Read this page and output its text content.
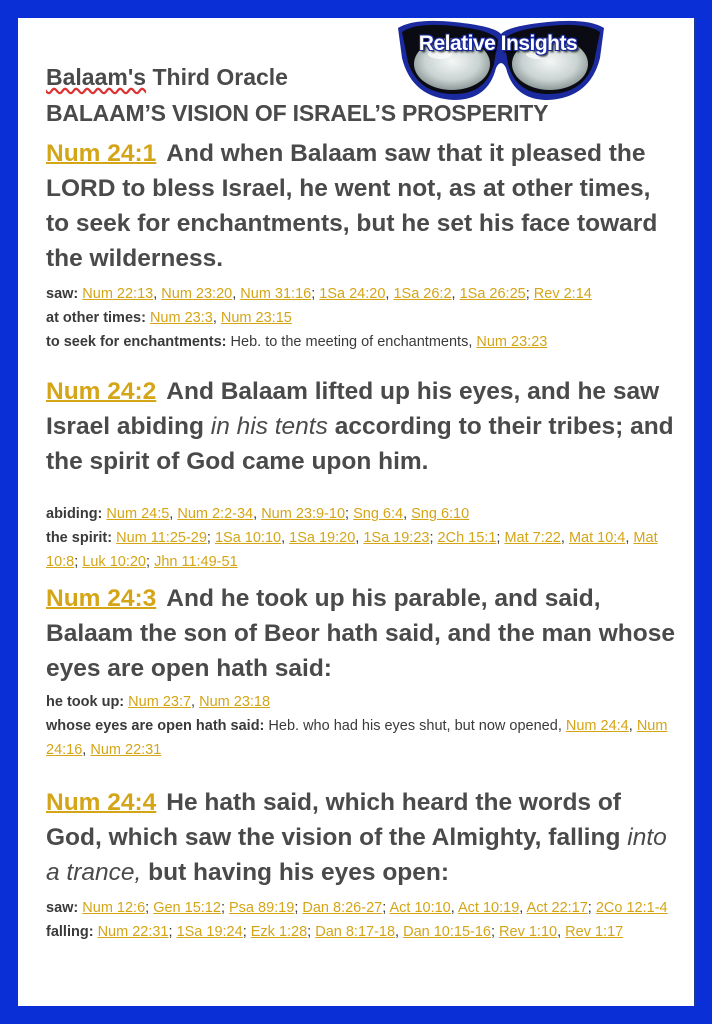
Relative Insights
Balaam's Third Oracle
BALAAM’S VISION OF ISRAEL’S PROSPERITY
Num 24:1 And when Balaam saw that it pleased the LORD to bless Israel, he went not, as at other times, to seek for enchantments, but he set his face toward the wilderness.
saw: Num 22:13, Num 23:20, Num 31:16; 1Sa 24:20, 1Sa 26:2, 1Sa 26:25; Rev 2:14
at other times: Num 23:3, Num 23:15
to seek for enchantments: Heb. to the meeting of enchantments, Num 23:23
Num 24:2 And Balaam lifted up his eyes, and he saw Israel abiding in his tents according to their tribes; and the spirit of God came upon him.
abiding: Num 24:5, Num 2:2-34, Num 23:9-10; Sng 6:4, Sng 6:10
the spirit: Num 11:25-29; 1Sa 10:10, 1Sa 19:20, 1Sa 19:23; 2Ch 15:1; Mat 7:22, Mat 10:4, Mat 10:8; Luk 10:20; Jhn 11:49-51
Num 24:3 And he took up his parable, and said, Balaam the son of Beor hath said, and the man whose eyes are open hath said:
he took up: Num 23:7, Num 23:18
whose eyes are open hath said: Heb. who had his eyes shut, but now opened, Num 24:4, Num 24:16, Num 22:31
Num 24:4 He hath said, which heard the words of God, which saw the vision of the Almighty, falling into a trance, but having his eyes open:
saw: Num 12:6; Gen 15:12; Psa 89:19; Dan 8:26-27; Act 10:10, Act 10:19, Act 22:17; 2Co 12:1-4
falling: Num 22:31; 1Sa 19:24; Ezk 1:28; Dan 8:17-18, Dan 10:15-16; Rev 1:10, Rev 1:17
